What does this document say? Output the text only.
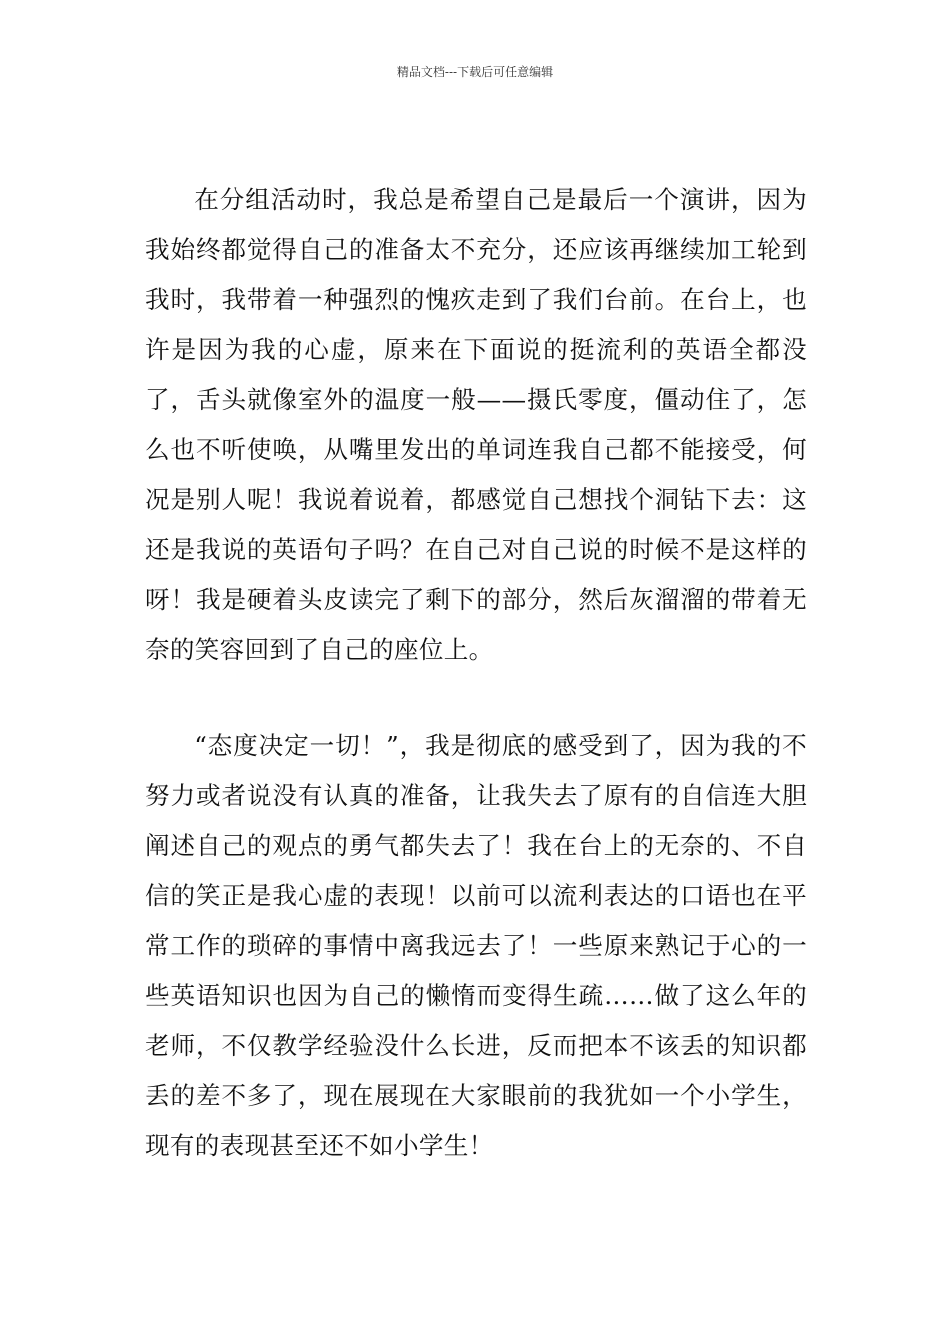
精品文档---下载后可任意编辑

在分组活动时，我总是希望自己是最后一个演讲，因为我始终都觉得自己的准备太不充分，还应该再继续加工轮到我时，我带着一种强烈的愧疚走到了我们台前。在台上，也许是因为我的心虚，原来在下面说的挺流利的英语全都没了，舌头就像室外的温度一般——摄氏零度，僵动住了，怎么也不听使唤，从嘴里发出的单词连我自己都不能接受，何况是别人呢！我说着说着，都感觉自己想找个洞钻下去：这还是我说的英语句子吗？在自己对自己说的时候不是这样的呀！我是硬着头皮读完了剩下的部分，然后灰溜溜的带着无奈的笑容回到了自己的座位上。

“态度决定一切！”，我是彻底的感受到了，因为我的不努力或者说没有认真的准备，让我失去了原有的自信连大胆阐述自己的观点的勇气都失去了！我在台上的无奈的、不自信的笑正是我心虚的表现！以前可以流利表达的口语也在平常工作的琐碎的事情中离我远去了！一些原来熟记于心的一些英语知识也因为自己的懒惰而变得生疏……做了这么年的老师，不仅教学经验没什么长进，反而把本不该丢的知识都丢的差不多了，现在展现在大家眼前的我犹如一个小学生，现有的表现甚至还不如小学生！
